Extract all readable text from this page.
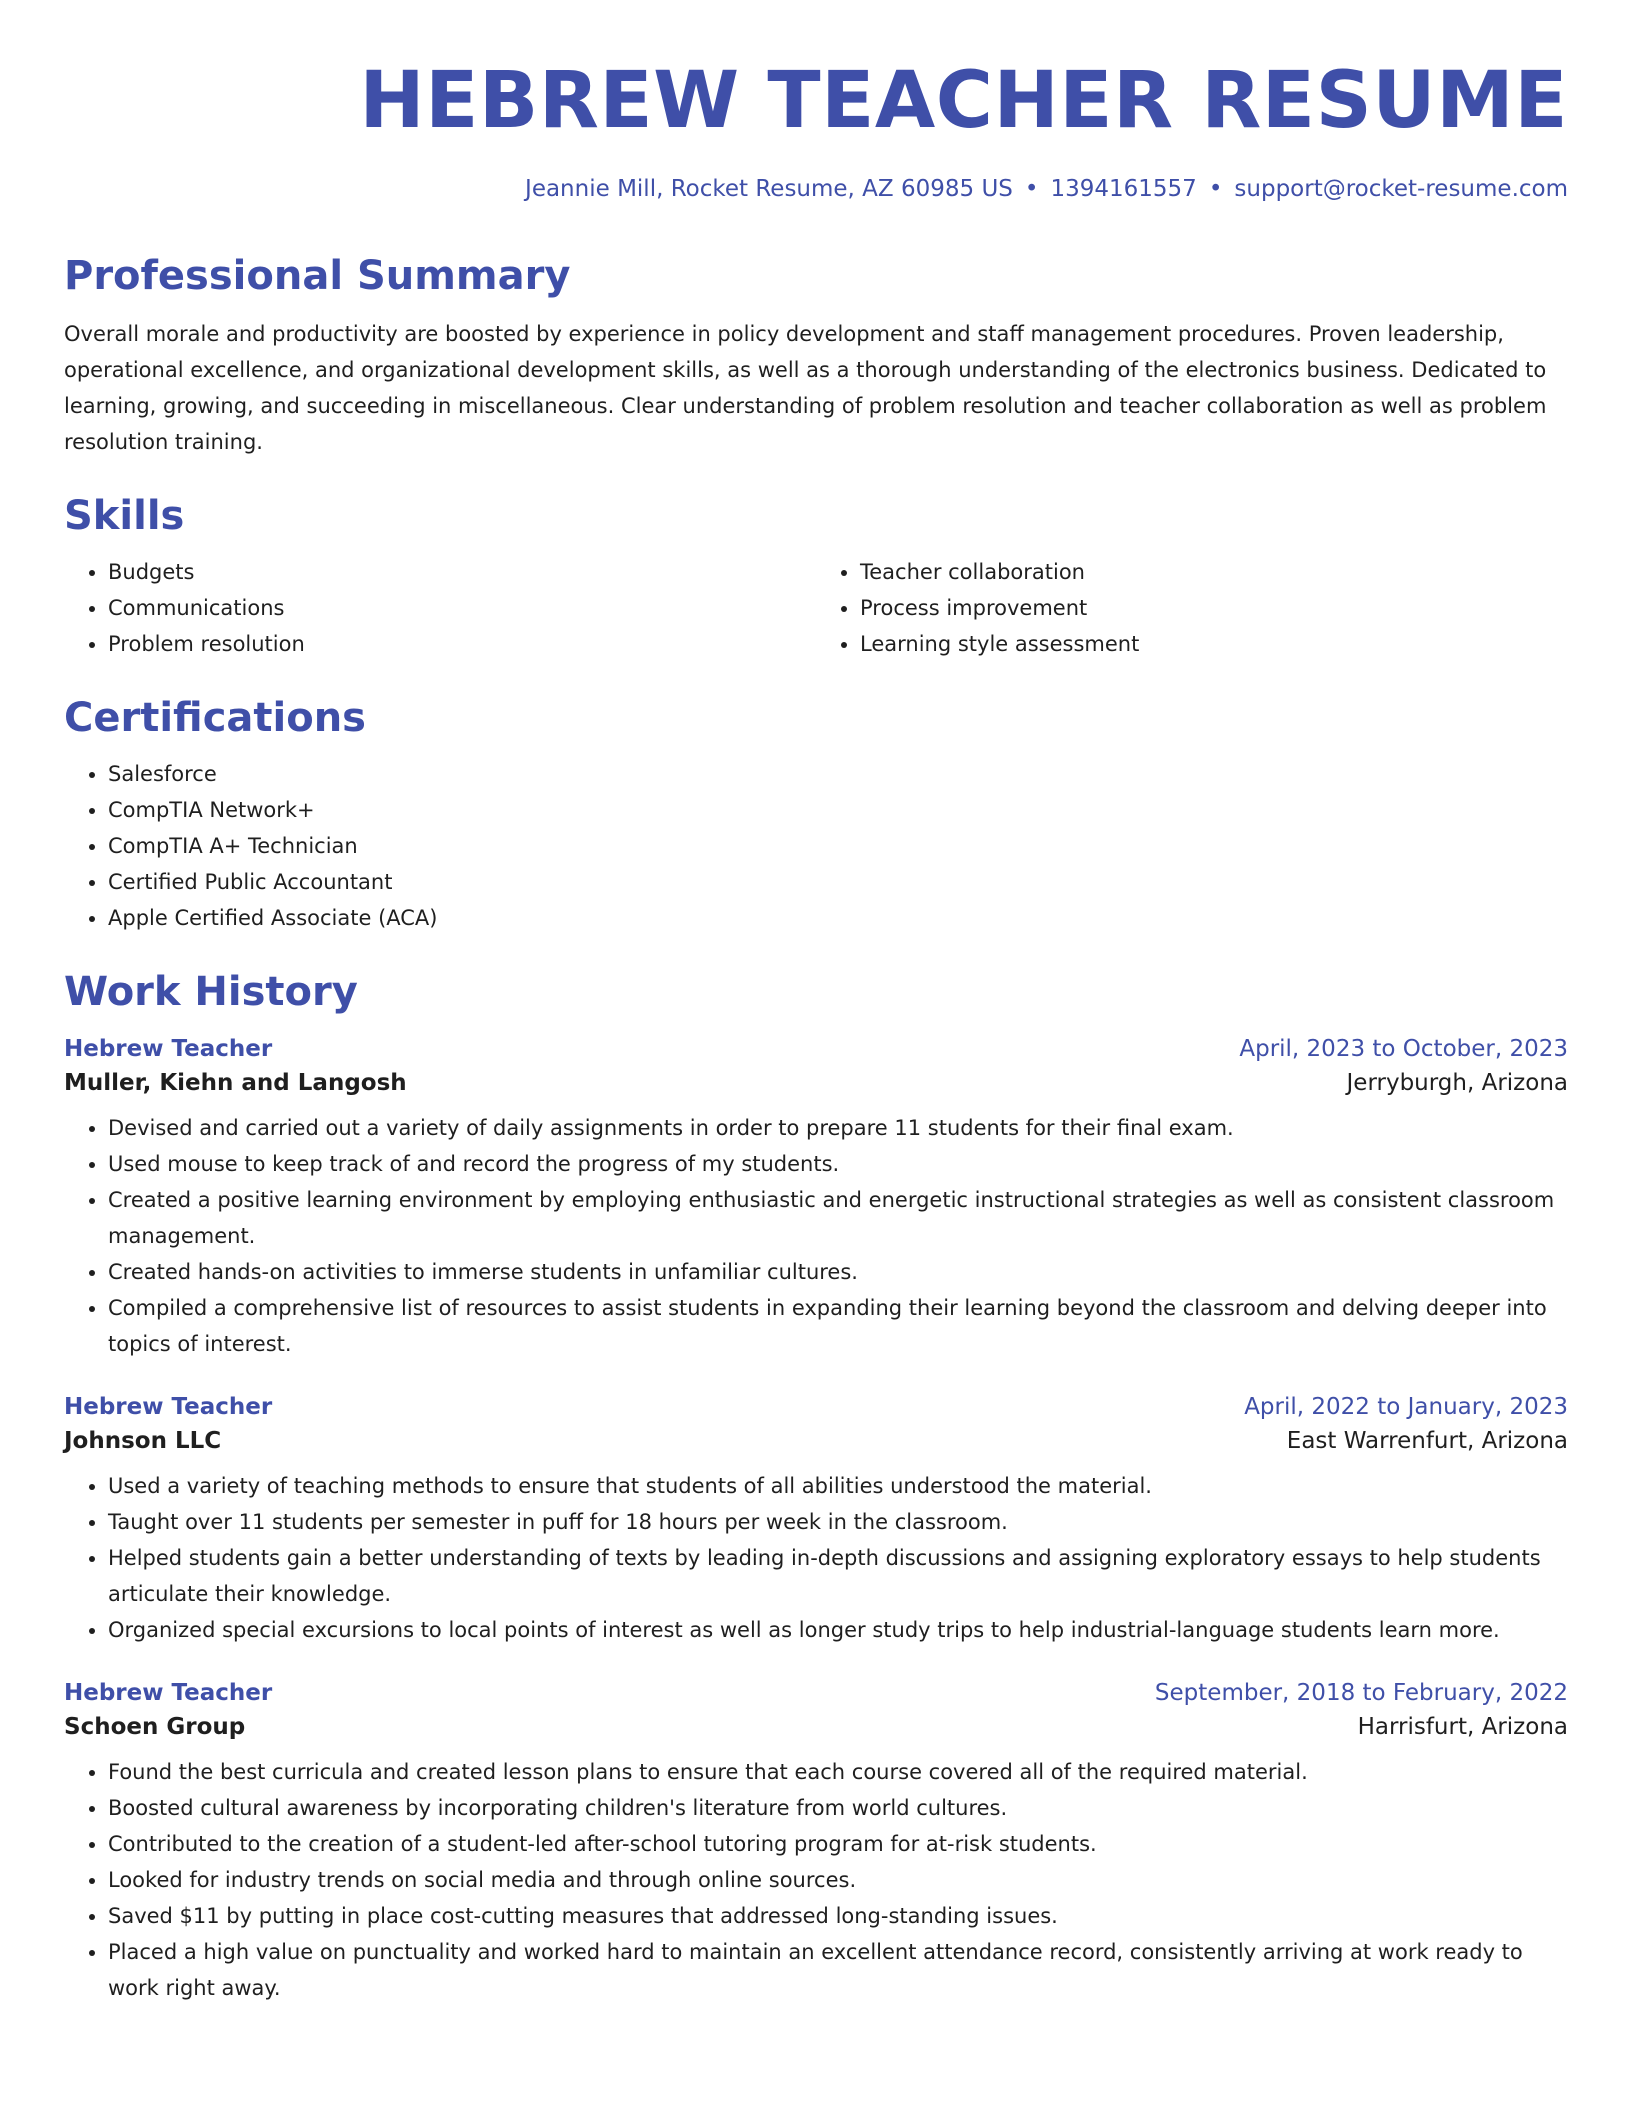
HEBREW TEACHER RESUME
Jeannie Mill, Rocket Resume, AZ 60985 US • 1394161557 • support@rocket-resume.com
Professional Summary

Overall morale and productivity are boosted by experience in policy development and staff management procedures. Proven leadership, operational excellence, and organizational development skills, as well as a thorough understanding of the electronics business. Dedicated to learning, growing, and succeeding in miscellaneous. Clear understanding of problem resolution and teacher collaboration as well as problem resolution training.

Skills
• Budgets
• Communications
• Problem resolution
• Teacher collaboration
• Process improvement
• Learning style assessment
Certifications
• Salesforce
• CompTIA Network+
• CompTIA A+ Technician
• Certified Public Accountant
• Apple Certified Associate (ACA)
Work History
Hebrew Teacher	April, 2023 to October, 2023
Muller, Kiehn and Langosh	Jerryburgh, Arizona
• Devised and carried out a variety of daily assignments in order to prepare 11 students for their final exam.
• Used mouse to keep track of and record the progress of my students.
• Created a positive learning environment by employing enthusiastic and energetic instructional strategies as well as consistent classroom management.
• Created hands-on activities to immerse students in unfamiliar cultures.
• Compiled a comprehensive list of resources to assist students in expanding their learning beyond the classroom and delving deeper into topics of interest.
Hebrew Teacher	April, 2022 to January, 2023
Johnson LLC	East Warrenfurt, Arizona
• Used a variety of teaching methods to ensure that students of all abilities understood the material.
• Taught over 11 students per semester in puff for 18 hours per week in the classroom.
• Helped students gain a better understanding of texts by leading in-depth discussions and assigning exploratory essays to help students articulate their knowledge.
• Organized special excursions to local points of interest as well as longer study trips to help industrial-language students learn more.
Hebrew Teacher	September, 2018 to February, 2022
Schoen Group	Harrisfurt, Arizona
• Found the best curricula and created lesson plans to ensure that each course covered all of the required material.
• Boosted cultural awareness by incorporating children's literature from world cultures.
• Contributed to the creation of a student-led after-school tutoring program for at-risk students.
• Looked for industry trends on social media and through online sources.
• Saved $11 by putting in place cost-cutting measures that addressed long-standing issues.
• Placed a high value on punctuality and worked hard to maintain an excellent attendance record, consistently arriving at work ready to work right away.
